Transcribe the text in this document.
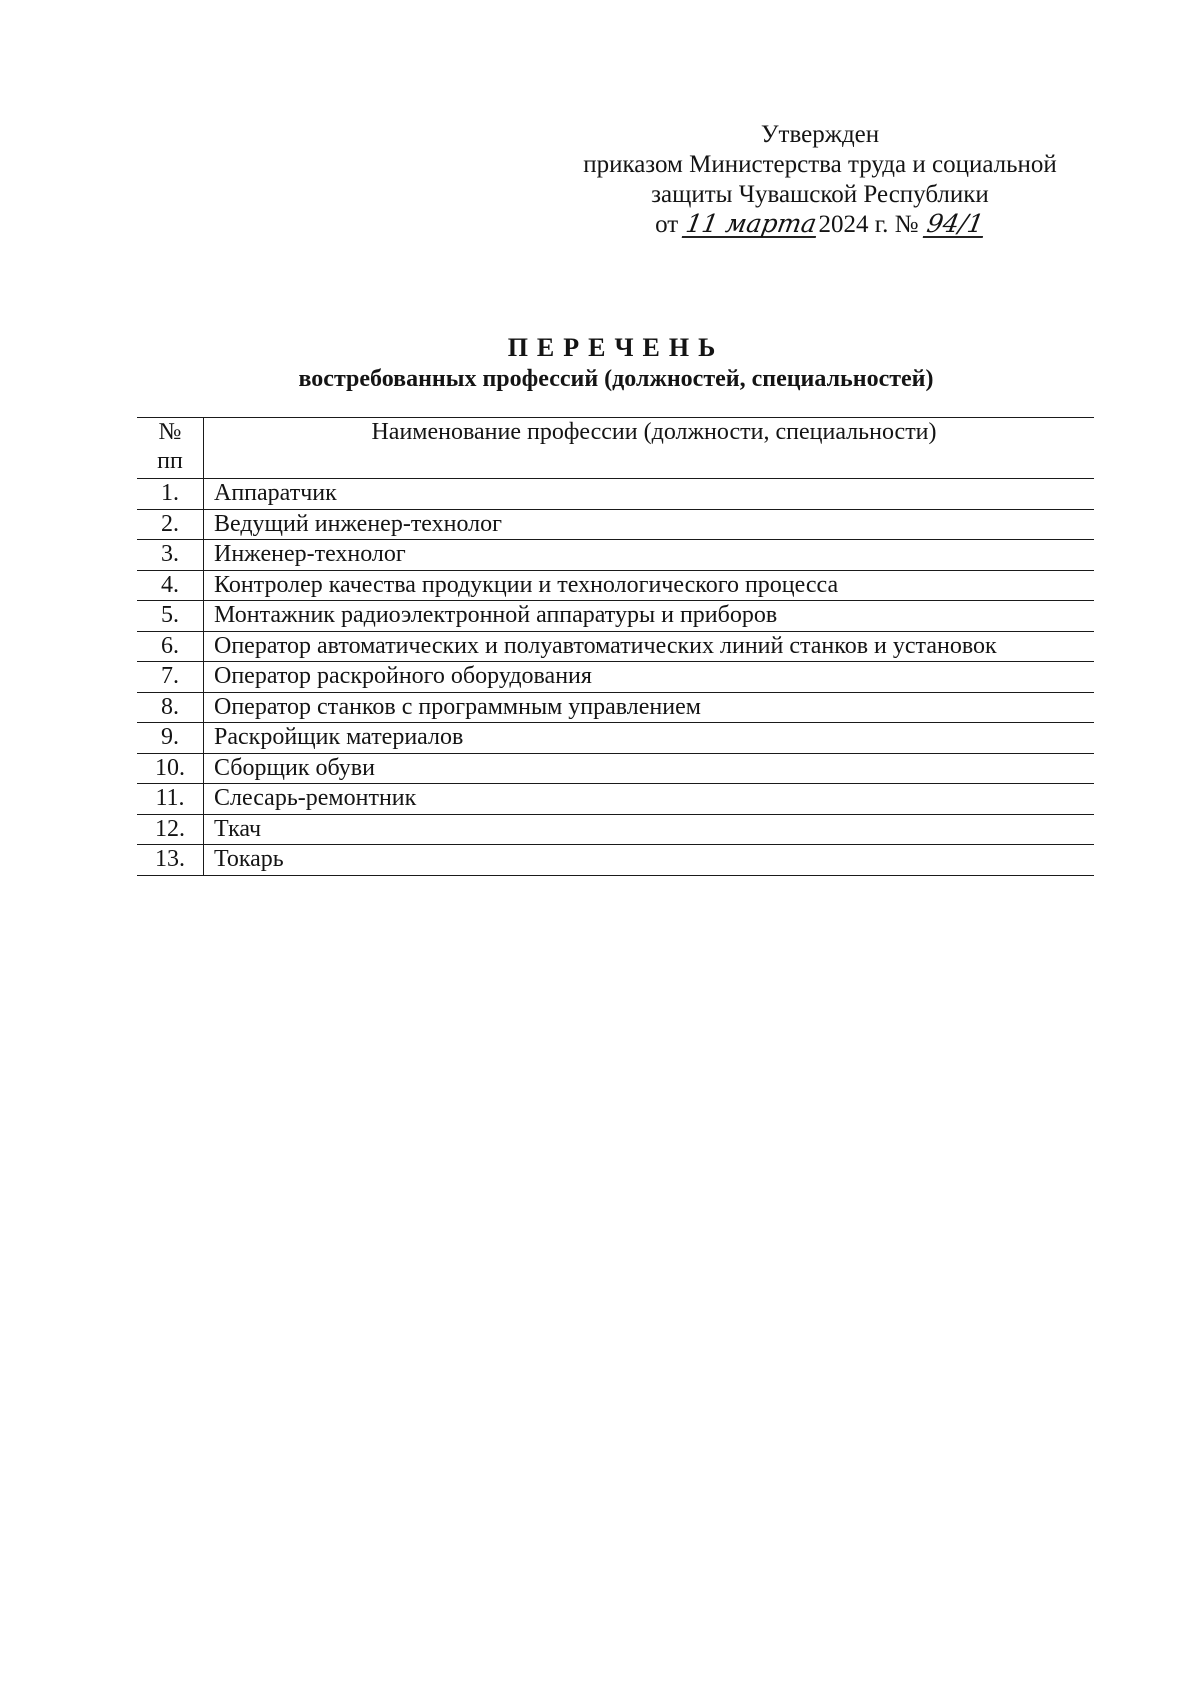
Утвержден
приказом Министерства труда и социальной
защиты Чувашской Республики
от 11 марта2024 г. № 94/1
ПЕРЕЧЕНЬ
востребованных профессий (должностей, специальностей)
№
пп	Наименование профессии (должности, специальности)
1.	Аппаратчик
2.	Ведущий инженер-технолог
3.	Инженер-технолог
4.	Контролер качества продукции и технологического процесса
5.	Монтажник радиоэлектронной аппаратуры и приборов
6.	Оператор автоматических и полуавтоматических линий станков и установок
7.	Оператор раскройного оборудования
8.	Оператор станков с программным управлением
9.	Раскройщик материалов
10.	Сборщик обуви
11.	Слесарь-ремонтник
12.	Ткач
13.	Токарь
